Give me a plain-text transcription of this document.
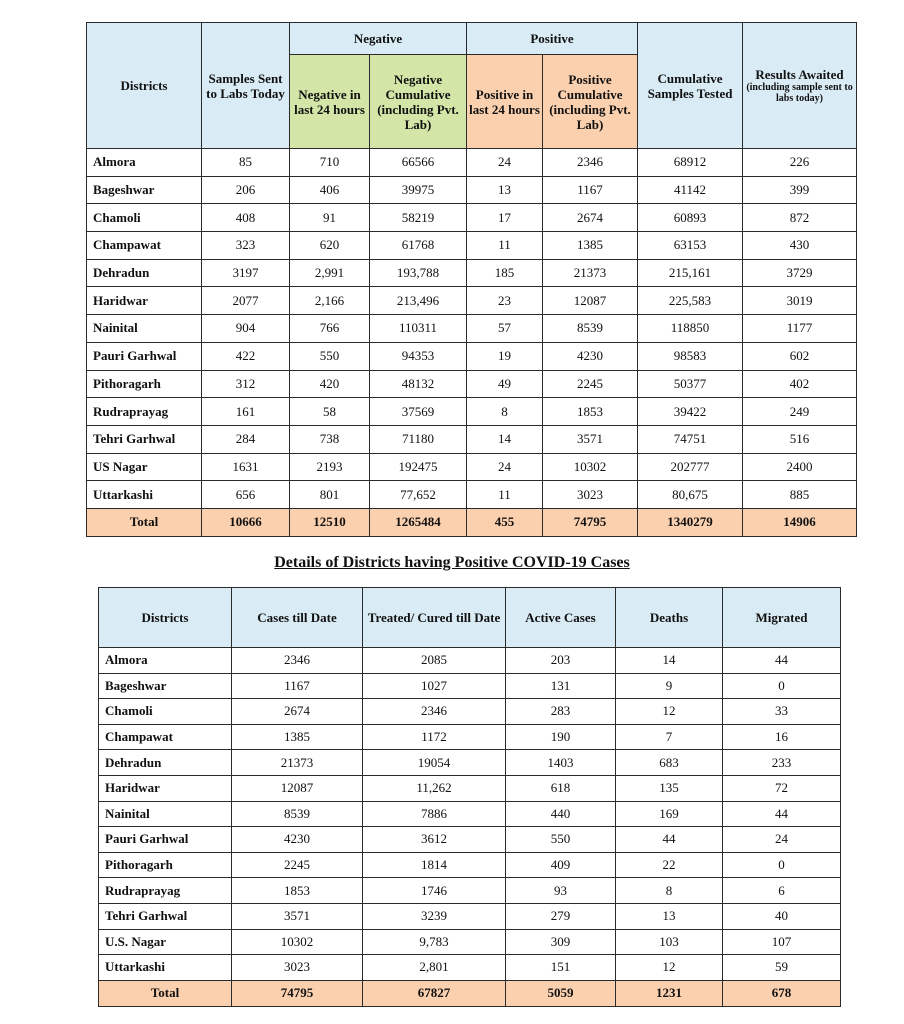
Districts	Samples Sent to Labs Today	Negative		Positive		Cumulative Samples Tested	Results Awaited
(including sample sent to labs today)

		Negative in last 24 hours	Negative Cumulative (including Pvt. Lab)	Positive in last 24 hours	Positive Cumulative (including Pvt. Lab)		
Almora	85	710	66566	24	2346	68912	226
Bageshwar	206	406	39975	13	1167	41142	399
Chamoli	408	91	58219	17	2674	60893	872
Champawat	323	620	61768	11	1385	63153	430
Dehradun	3197	2,991	193,788	185	21373	215,161	3729
Haridwar	2077	2,166	213,496	23	12087	225,583	3019
Nainital	904	766	110311	57	8539	118850	1177
Pauri Garhwal	422	550	94353	19	4230	98583	602
Pithoragarh	312	420	48132	49	2245	50377	402
Rudraprayag	161	58	37569	8	1853	39422	249
Tehri Garhwal	284	738	71180	14	3571	74751	516
US Nagar	1631	2193	192475	24	10302	202777	2400
Uttarkashi	656	801	77,652	11	3023	80,675	885
Total	10666	12510	1265484	455	74795	1340279	14906
Details of Districts having Positive COVID-19 Cases
Districts	Cases till Date	Treated/ Cured till Date	Active Cases	Deaths	Migrated
Almora	2346	2085	203	14	44
Bageshwar	1167	1027	131	9	0
Chamoli	2674	2346	283	12	33
Champawat	1385	1172	190	7	16
Dehradun	21373	19054	1403	683	233
Haridwar	12087	11,262	618	135	72
Nainital	8539	7886	440	169	44
Pauri Garhwal	4230	3612	550	44	24
Pithoragarh	2245	1814	409	22	0
Rudraprayag	1853	1746	93	8	6
Tehri Garhwal	3571	3239	279	13	40
U.S. Nagar	10302	9,783	309	103	107
Uttarkashi	3023	2,801	151	12	59
Total	74795	67827	5059	1231	678
